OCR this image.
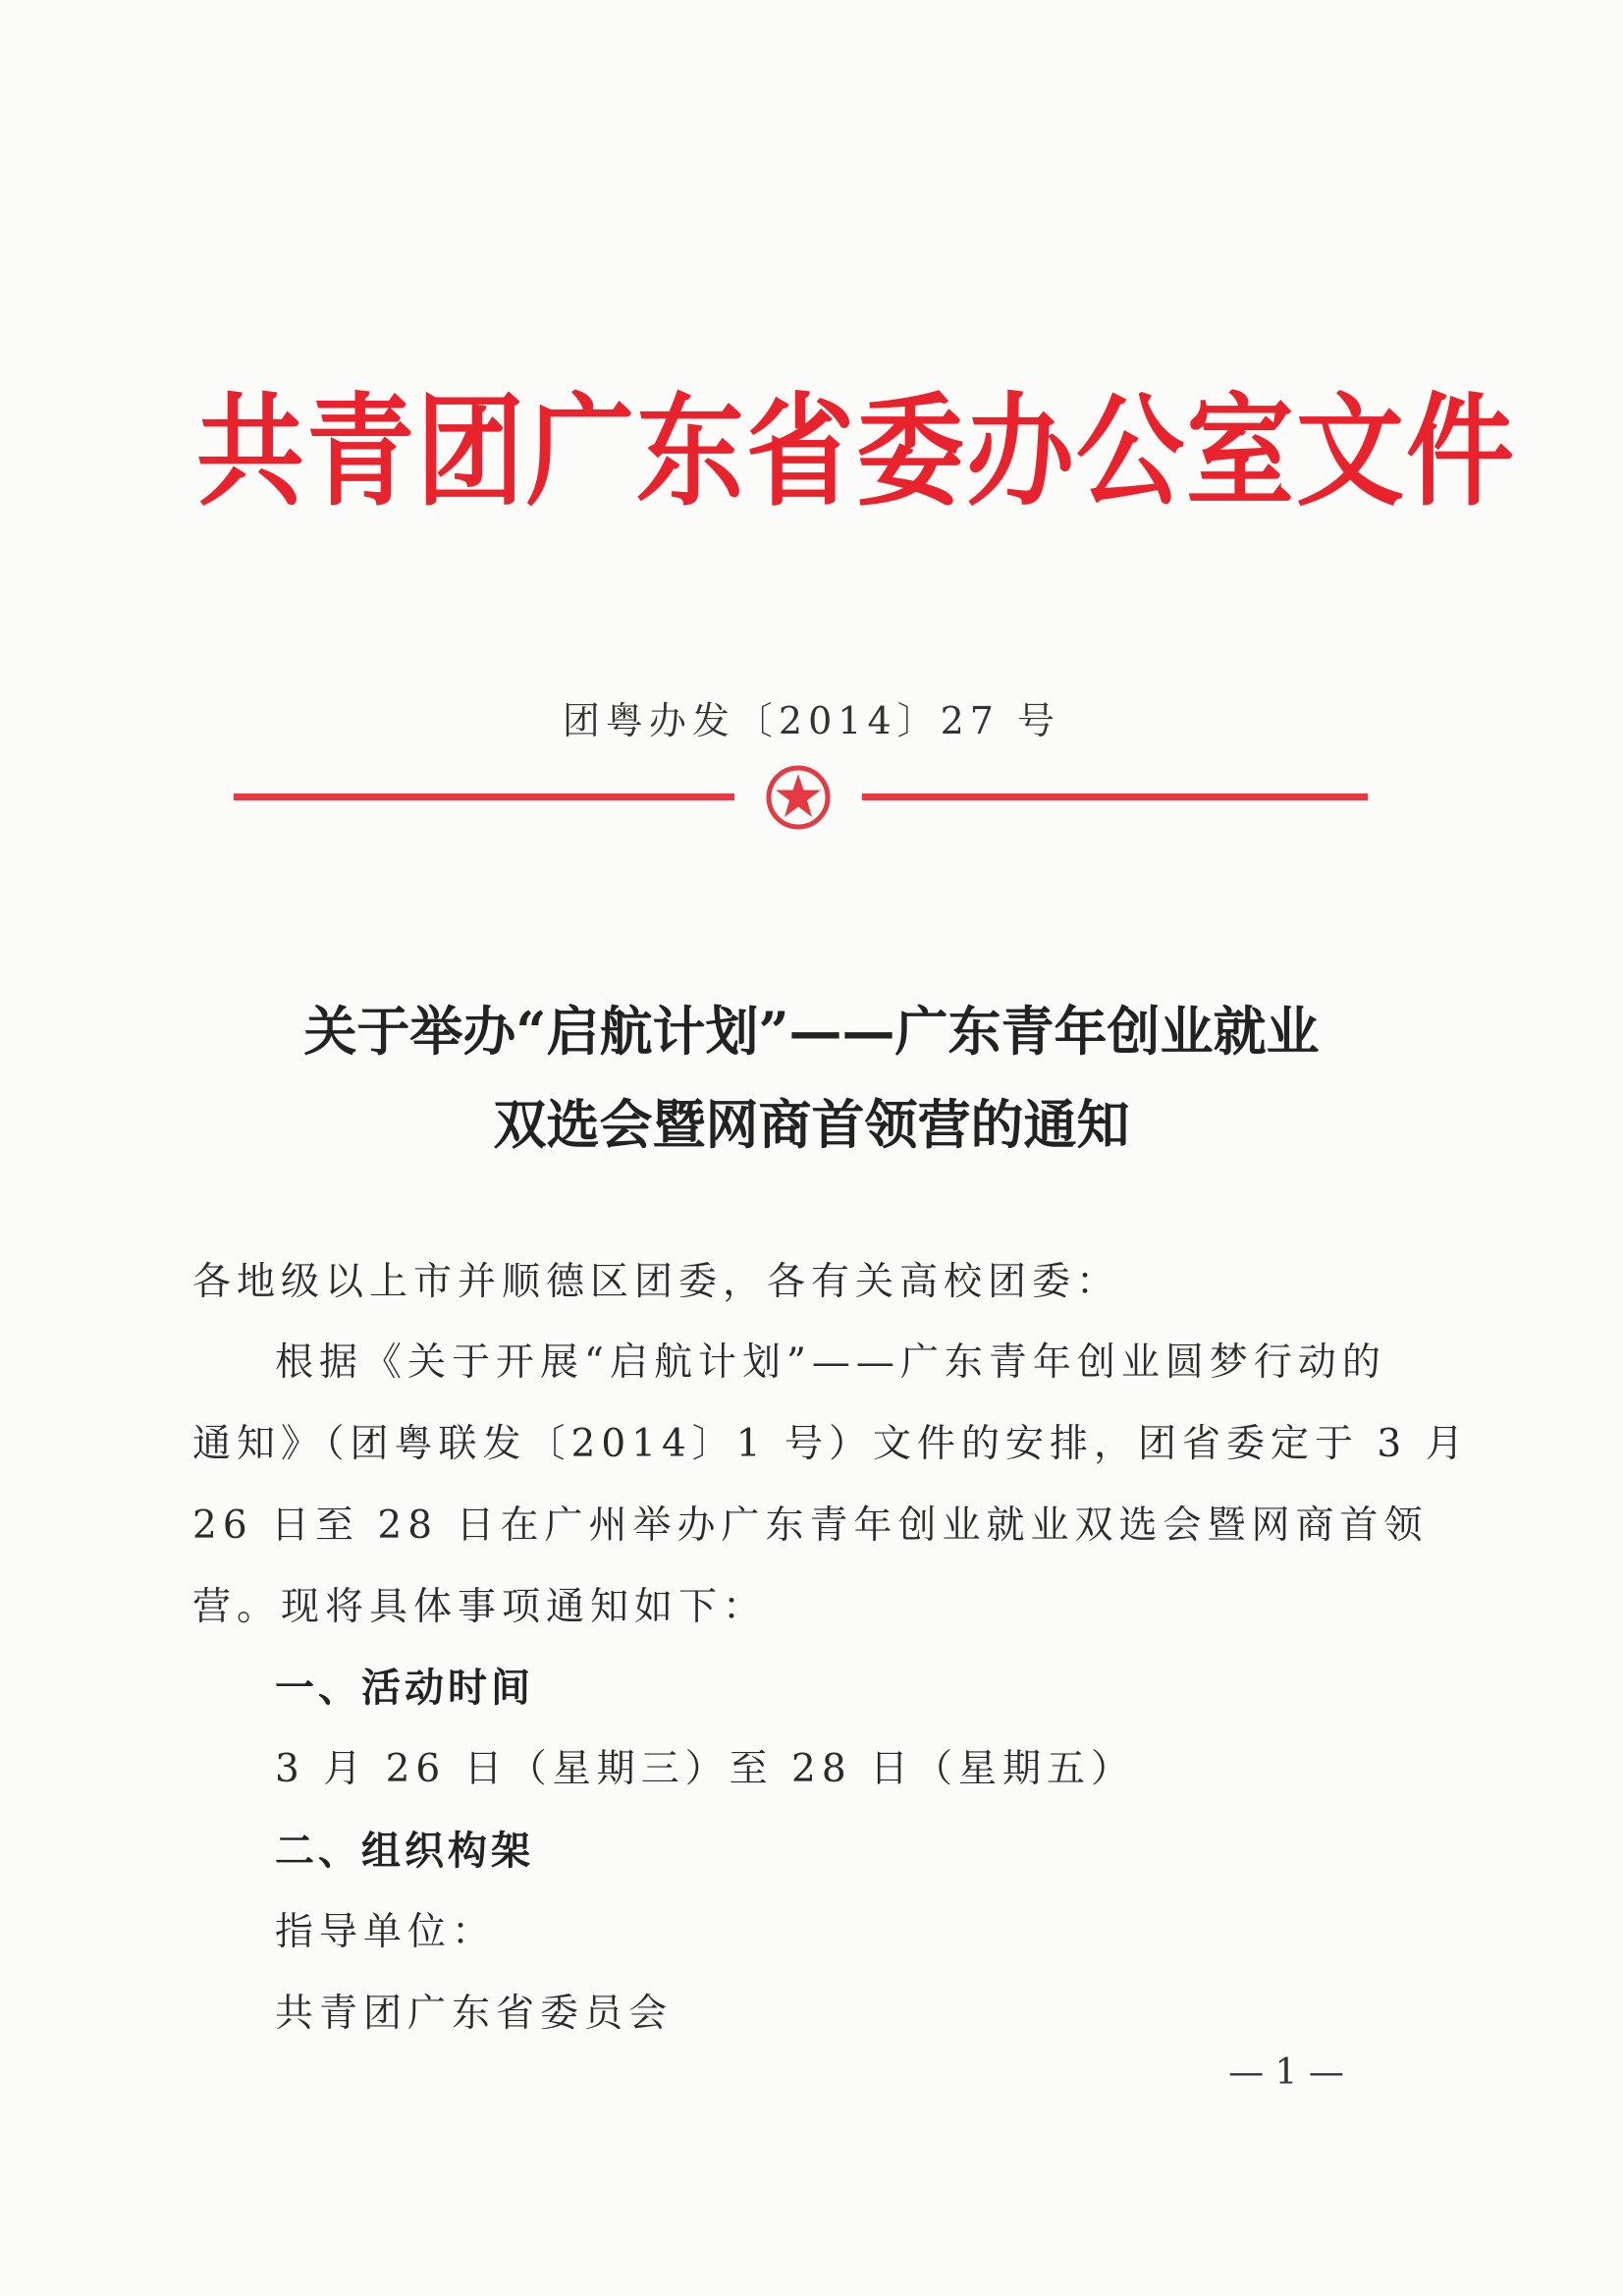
共青团广东省委办公室文件
团粤办发〔2014〕27 号
关于举办“启航计划”——广东青年创业就业
双选会暨网商首领营的通知
各地级以上市并顺德区团委，各有关高校团委：
根据《关于开展“启航计划”——广东青年创业圆梦行动的
通知》（团粤联发〔2014〕1 号）文件的安排，团省委定于 3 月
26 日至 28 日在广州举办广东青年创业就业双选会暨网商首领
营。现将具体事项通知如下：
一、活动时间
3 月 26 日（星期三）至 28 日（星期五）
二、组织构架
指导单位：
共青团广东省委员会
— 1 —
